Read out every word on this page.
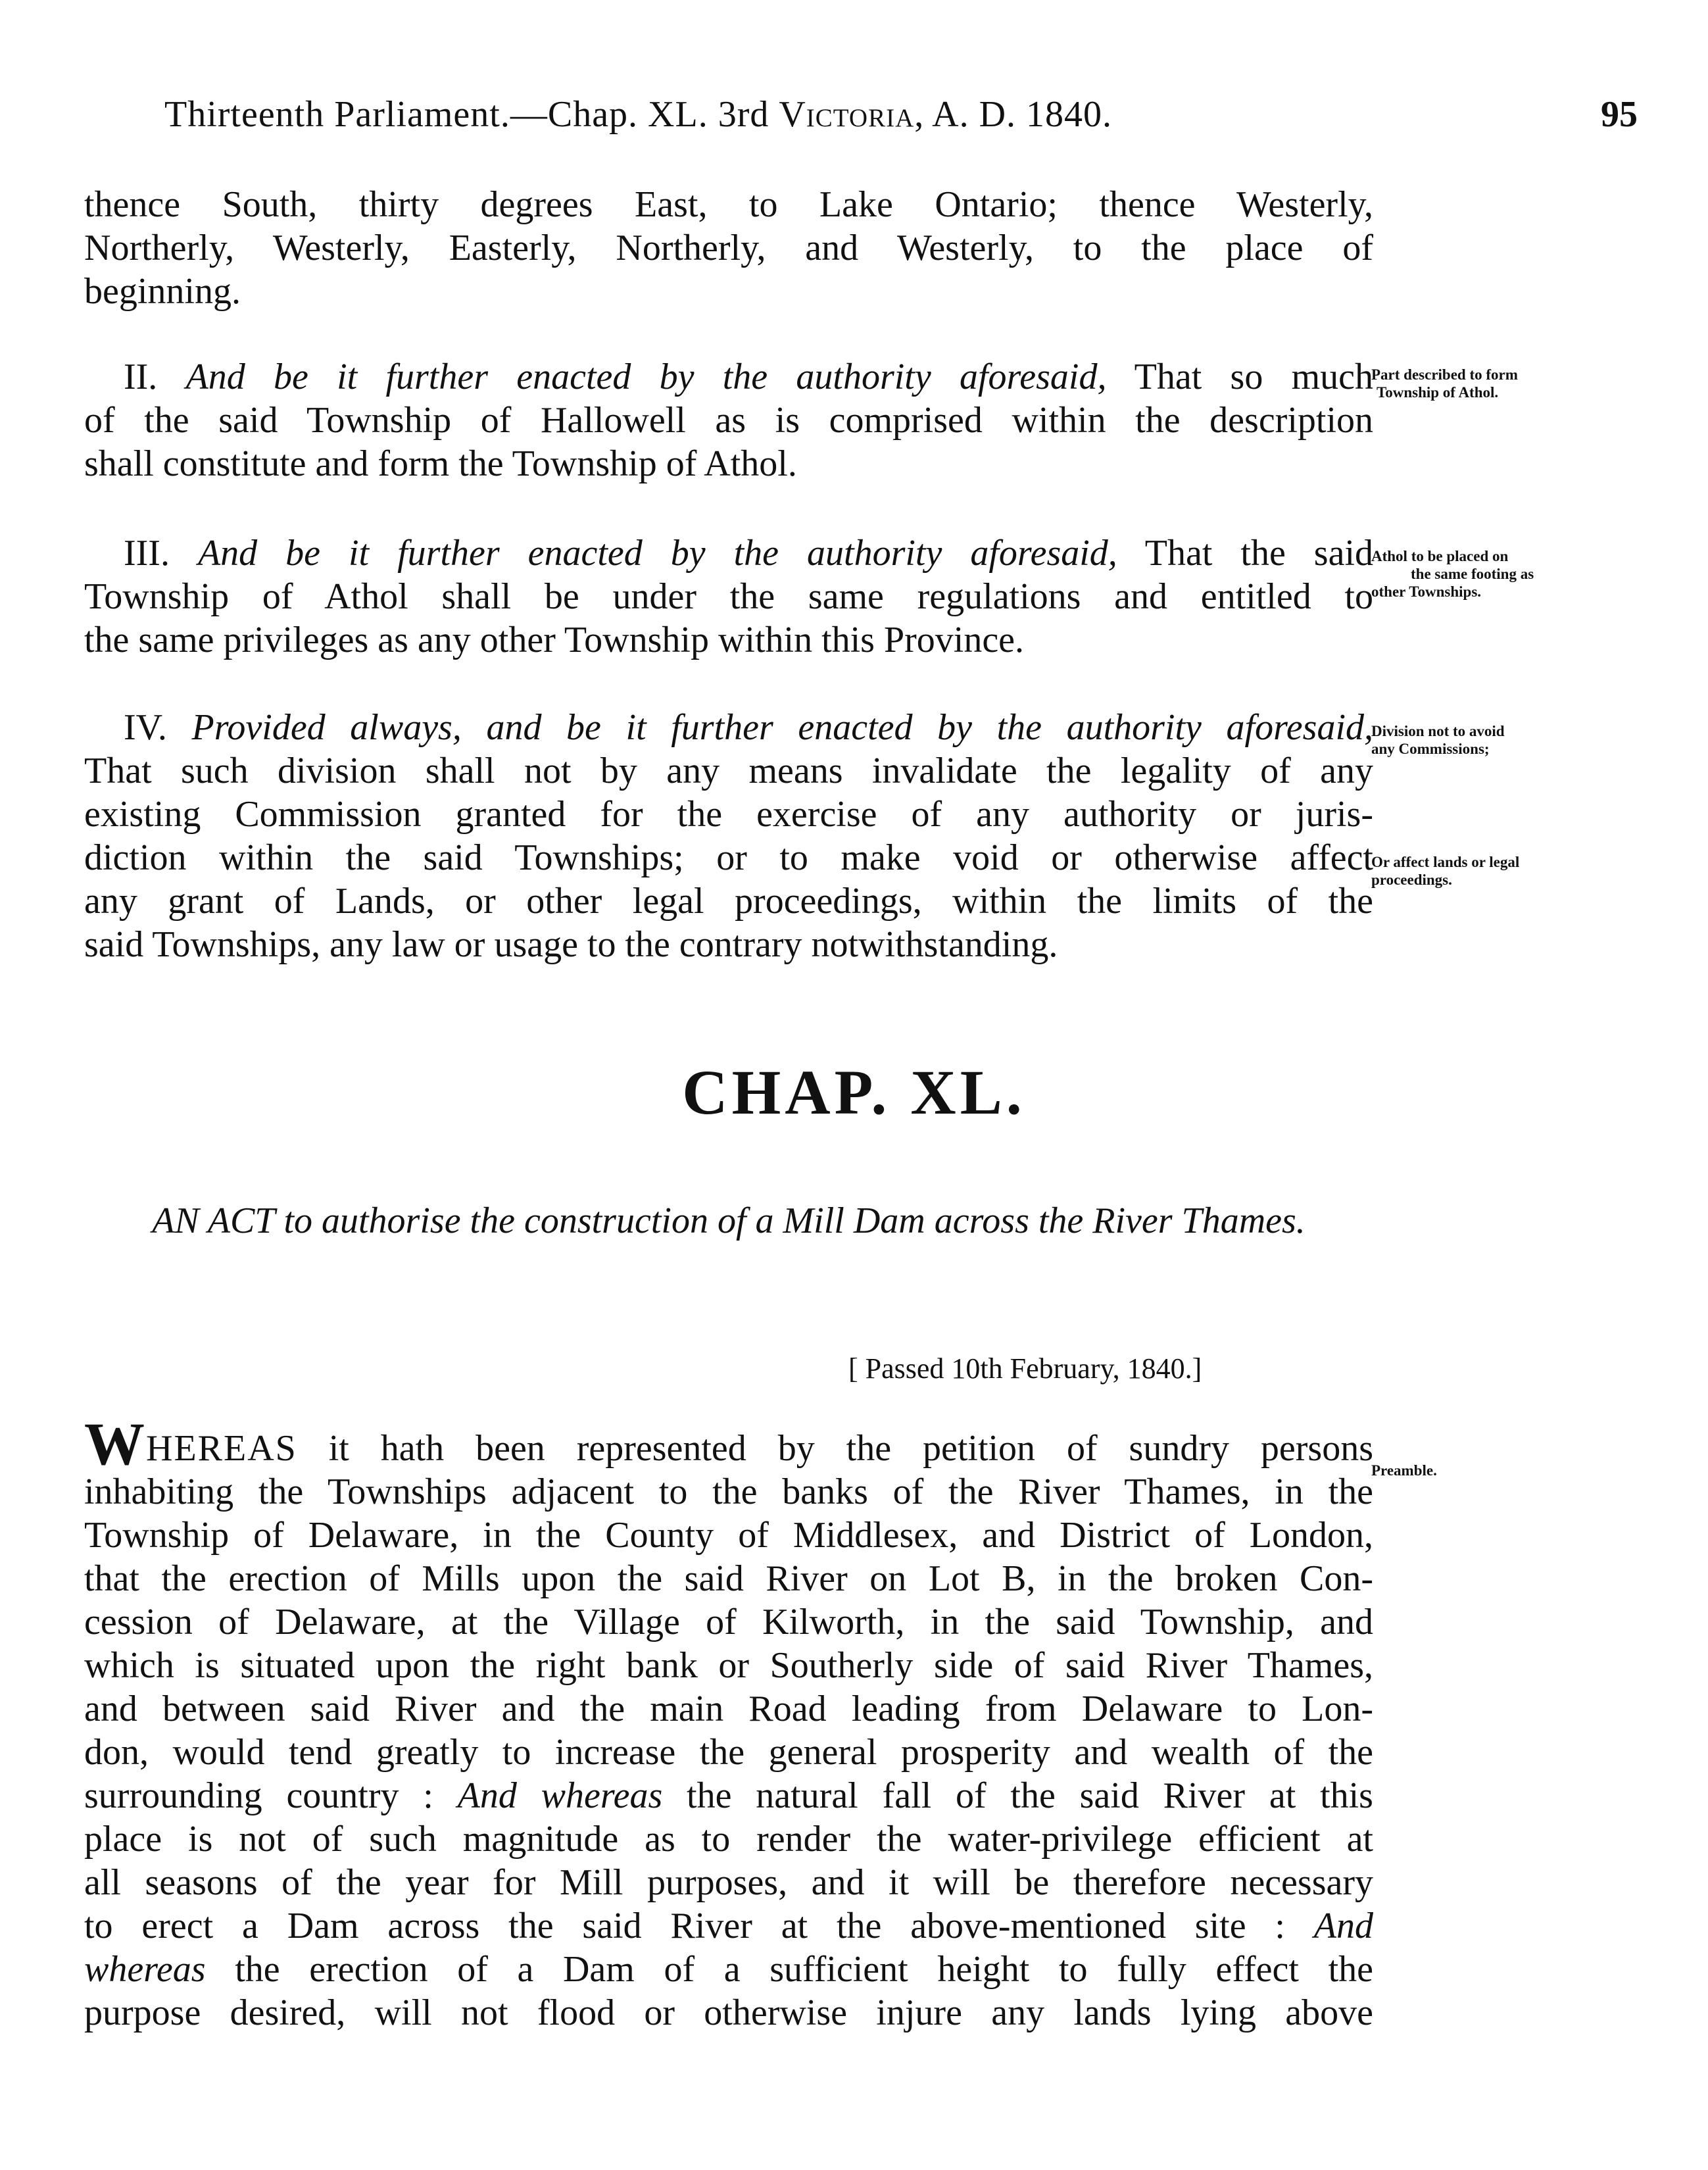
Thirteenth Parliament.—Chap. XL. 3rd Victoria, A. D. 1840.	95
thence South, thirty degrees East, to Lake Ontario; thence Westerly,
Northerly, Westerly, Easterly, Northerly, and Westerly, to the place of
beginning.
II. And be it further enacted by the authority aforesaid, That so much
of the said Township of Hallowell as is comprised within the description
shall constitute and form the Township of Athol.
Part described to form
Township of Athol.
III. And be it further enacted by the authority aforesaid, That the said
Township of Athol shall be under the same regulations and entitled to
the same privileges as any other Township within this Province.
Athol to be placed on
the same footing as
other Townships.
IV. Provided always, and be it further enacted by the authority aforesaid,
That such division shall not by any means invalidate the legality of any
existing Commission granted for the exercise of any authority or juris-
diction within the said Townships; or to make void or otherwise affect
any grant of Lands, or other legal proceedings, within the limits of the
said Townships, any law or usage to the contrary notwithstanding.
Division not to avoid
any Commissions;
Or affect lands or legal
proceedings.
CHAP. XL.
AN ACT to authorise the construction of a Mill Dam across the River Thames.
[ Passed 10th February, 1840.]
WHEREAS it hath been represented by the petition of sundry persons
inhabiting the Townships adjacent to the banks of the River Thames, in the
Township of Delaware, in the County of Middlesex, and District of London,
that the erection of Mills upon the said River on Lot B, in the broken Con-
cession of Delaware, at the Village of Kilworth, in the said Township, and
which is situated upon the right bank or Southerly side of said River Thames,
and between said River and the main Road leading from Delaware to Lon-
don, would tend greatly to increase the general prosperity and wealth of the
surrounding country : And whereas the natural fall of the said River at this
place is not of such magnitude as to render the water-privilege efficient at
all seasons of the year for Mill purposes, and it will be therefore necessary
to erect a Dam across the said River at the above-mentioned site : And
whereas the erection of a Dam of a sufficient height to fully effect the
purpose desired, will not flood or otherwise injure any lands lying above
Preamble.
